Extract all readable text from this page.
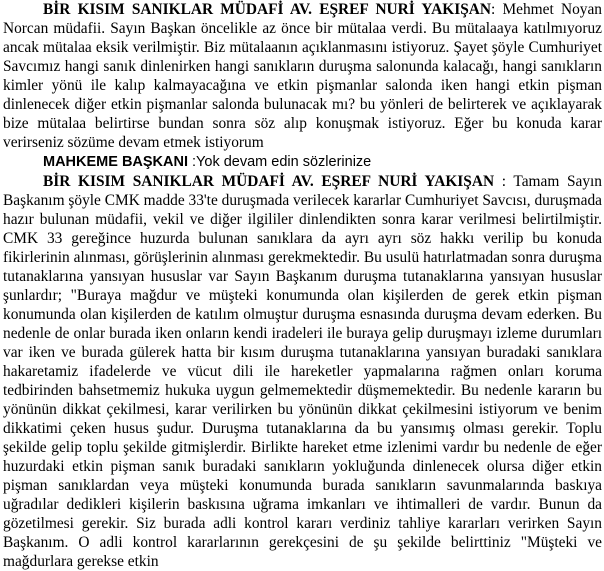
BİR KISIM SANIKLAR MÜDAFİ AV. EŞREF NURİ YAKIŞAN: Mehmet Noyan Norcan müdafii. Sayın Başkan öncelikle az önce bir mütalaa verdi. Bu mütalaaya katılmıyoruz ancak mütalaa eksik verilmiştir. Biz mütalaanın açıklanmasını istiyoruz. Şayet şöyle Cumhuriyet Savcımız hangi sanık dinlenirken hangi sanıkların duruşma salonunda kalacağı, hangi sanıkların kimler yönü ile kalıp kalmayacağına ve etkin pişmanlar salonda iken hangi etkin pişman dinlenecek diğer etkin pişmanlar salonda bulunacak mı? bu yönleri de belirterek ve açıklayarak bize mütalaa belirtirse bundan sonra söz alıp konuşmak istiyoruz. Eğer bu konuda karar verirseniz sözüme devam etmek istiyorum

MAHKEME BAŞKANI :Yok devam edin sözlerinize

BİR KISIM SANIKLAR MÜDAFİ AV. EŞREF NURİ YAKIŞAN : Tamam Sayın Başkanım şöyle CMK madde 33'te duruşmada verilecek kararlar Cumhuriyet Savcısı, duruşmada hazır bulunan müdafii, vekil ve diğer ilgililer dinlendikten sonra karar verilmesi belirtilmiştir. CMK 33 gereğince huzurda bulunan sanıklara da ayrı ayrı söz hakkı verilip bu konuda fikirlerinin alınması, görüşlerinin alınması gerekmektedir. Bu usulü hatırlatmadan sonra duruşma tutanaklarına yansıyan hususlar var Sayın Başkanım duruşma tutanaklarına yansıyan hususlar şunlardır; "Buraya mağdur ve müşteki konumunda olan kişilerden de gerek etkin pişman konumunda olan kişilerden de katılım olmuştur duruşma esnasında duruşma devam ederken. Bu nedenle de onlar burada iken onların kendi iradeleri ile buraya gelip duruşmayı izleme durumları var iken ve burada gülerek hatta bir kısım duruşma tutanaklarına yansıyan buradaki sanıklara hakaretamiz ifadelerde ve vücut dili ile hareketler yapmalarına rağmen onları koruma tedbirinden bahsetmemiz hukuka uygun gelmemektedir düşmemektedir. Bu nedenle kararın bu yönünün dikkat çekilmesi, karar verilirken bu yönünün dikkat çekilmesini istiyorum ve benim dikkatimi çeken husus şudur. Duruşma tutanaklarına da bu yansımış olması gerekir. Toplu şekilde gelip toplu şekilde gitmişlerdir. Birlikte hareket etme izlenimi vardır bu nedenle de eğer huzurdaki etkin pişman sanık buradaki sanıkların yokluğunda dinlenecek olursa diğer etkin pişman sanıklardan veya müşteki konumunda burada sanıkların savunmalarında baskıya uğradılar dedikleri kişilerin baskısına uğrama imkanları ve ihtimalleri de vardır. Bunun da gözetilmesi gerekir. Siz burada adli kontrol kararı verdiniz tahliye kararları verirken Sayın Başkanım. O adli kontrol kararlarının gerekçesini de şu şekilde belirttiniz "Müşteki ve mağdurlara gerekse etkin
